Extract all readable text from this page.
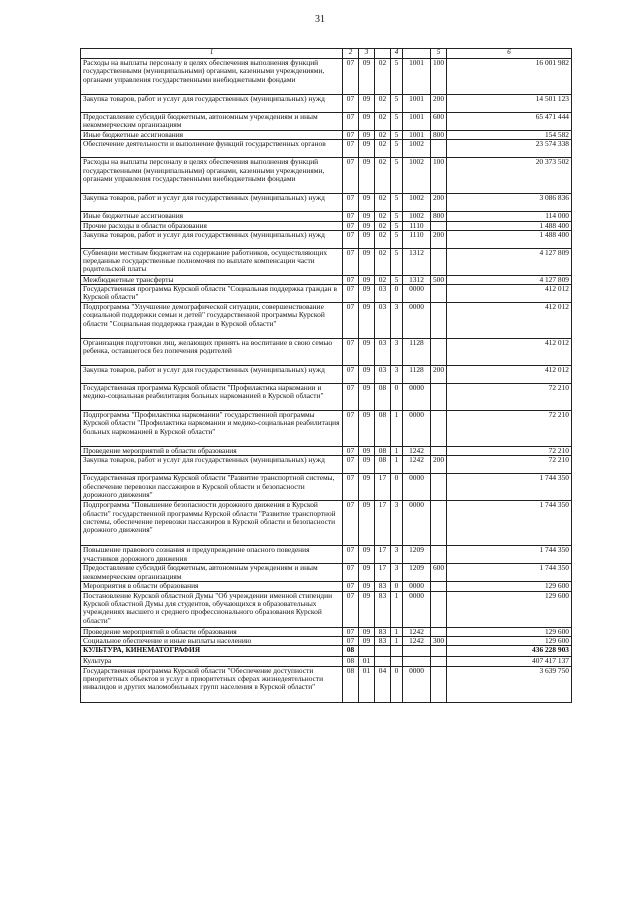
31
1	2	3		4		5	6
Расходы на выплаты персоналу в целях обеспечения выполнения функций государственными (муниципальными) органами, казенными учреждениями, органами управления государственными внебюджетными фондами	07	09	02	5	1001	100	16 001 982
Закупка товаров, работ и услуг для государственных (муниципальных) нужд	07	09	02	5	1001	200	14 501 123
Предоставление субсидий бюджетным, автономным учреждениям и иным некоммерческим организациям	07	09	02	5	1001	600	65 471 444
Иные бюджетные ассигнования	07	09	02	5	1001	800	154 582
Обеспечение деятельности и выполнение функций государственных органов	07	09	02	5	1002		23 574 338
Расходы на выплаты персоналу в целях обеспечения выполнения функций государственными (муниципальными) органами, казенными учреждениями, органами управления государственными внебюджетными фондами	07	09	02	5	1002	100	20 373 502
Закупка товаров, работ и услуг для государственных (муниципальных) нужд	07	09	02	5	1002	200	3 086 836
Иные бюджетные ассигнования	07	09	02	5	1002	800	114 000
Прочие расходы в области образования	07	09	02	5	1110		1 488 400
Закупка товаров, работ и услуг для государственных (муниципальных) нужд	07	09	02	5	1110	200	1 488 400
Субвенции местным бюджетам на содержание работников, осуществляющих переданные государственные полномочия по выплате компенсации части родительской платы	07	09	02	5	1312		4 127 809
Межбюджетные трансферты	07	09	02	5	1312	500	4 127 809
Государственная программа Курской области "Социальная поддержка граждан в Курской области"	07	09	03	0	0000		412 012
Подпрограмма "Улучшение демографической ситуации, совершенствование социальной поддержки семьи и детей" государственной программы Курской области "Социальная поддержка граждан в Курской области"	07	09	03	3	0000		412 012
Организация подготовки лиц, желающих принять на воспитание в свою семью ребенка, оставшегося без попечения родителей	07	09	03	3	1128		412 012
Закупка товаров, работ и услуг для государственных (муниципальных) нужд	07	09	03	3	1128	200	412 012
Государственная программа Курской области "Профилактика наркомании и медико-социальная реабилитация больных наркоманией в Курской области"	07	09	08	0	0000		72 210
Подпрограмма "Профилактика наркомании" государственной программы Курской области "Профилактика наркомании и медико-социальная реабилитация больных наркоманией в Курской области"	07	09	08	1	0000		72 210
Проведение мероприятий в области образования	07	09	08	1	1242		72 210
Закупка товаров, работ и услуг для государственных (муниципальных) нужд	07	09	08	1	1242	200	72 210
Государственная программа Курской области "Развитие транспортной системы, обеспечение перевозки пассажиров в Курской области и безопасности дорожного движения"	07	09	17	0	0000		1 744 350
Подпрограмма "Повышение безопасности дорожного движения в Курской области" государственной программы Курской области "Развитие транспортной системы, обеспечение перевозки пассажиров в Курской области и безопасности дорожного движения"	07	09	17	3	0000		1 744 350
Повышение правового сознания и предупреждение опасного поведения участников дорожного движения	07	09	17	3	1209		1 744 350
Предоставление субсидий бюджетным, автономным учреждениям и иным некоммерческим организациям	07	09	17	3	1209	600	1 744 350
Мероприятия в области образования	07	09	83	0	0000		129 600
Постановление Курской областной Думы "Об учреждении именной стипендии Курской областной Думы для студентов, обучающихся в образовательных учреждениях высшего и среднего профессионального образования Курской области"	07	09	83	1	0000		129 600
Проведение мероприятий в области образования	07	09	83	1	1242		129 600
Социальное обеспечение и иные выплаты населению	07	09	83	1	1242	300	129 600
КУЛЬТУРА, КИНЕМАТОГРАФИЯ	08						436 228 903
Культура	08	01					407 417 137
Государственная программа Курской области "Обеспечение доступности приоритетных объектов и услуг в приоритетных сферах жизнедеятельности инвалидов и других маломобильных групп населения в Курской области"	08	01	04	0	0000		3 639 750
